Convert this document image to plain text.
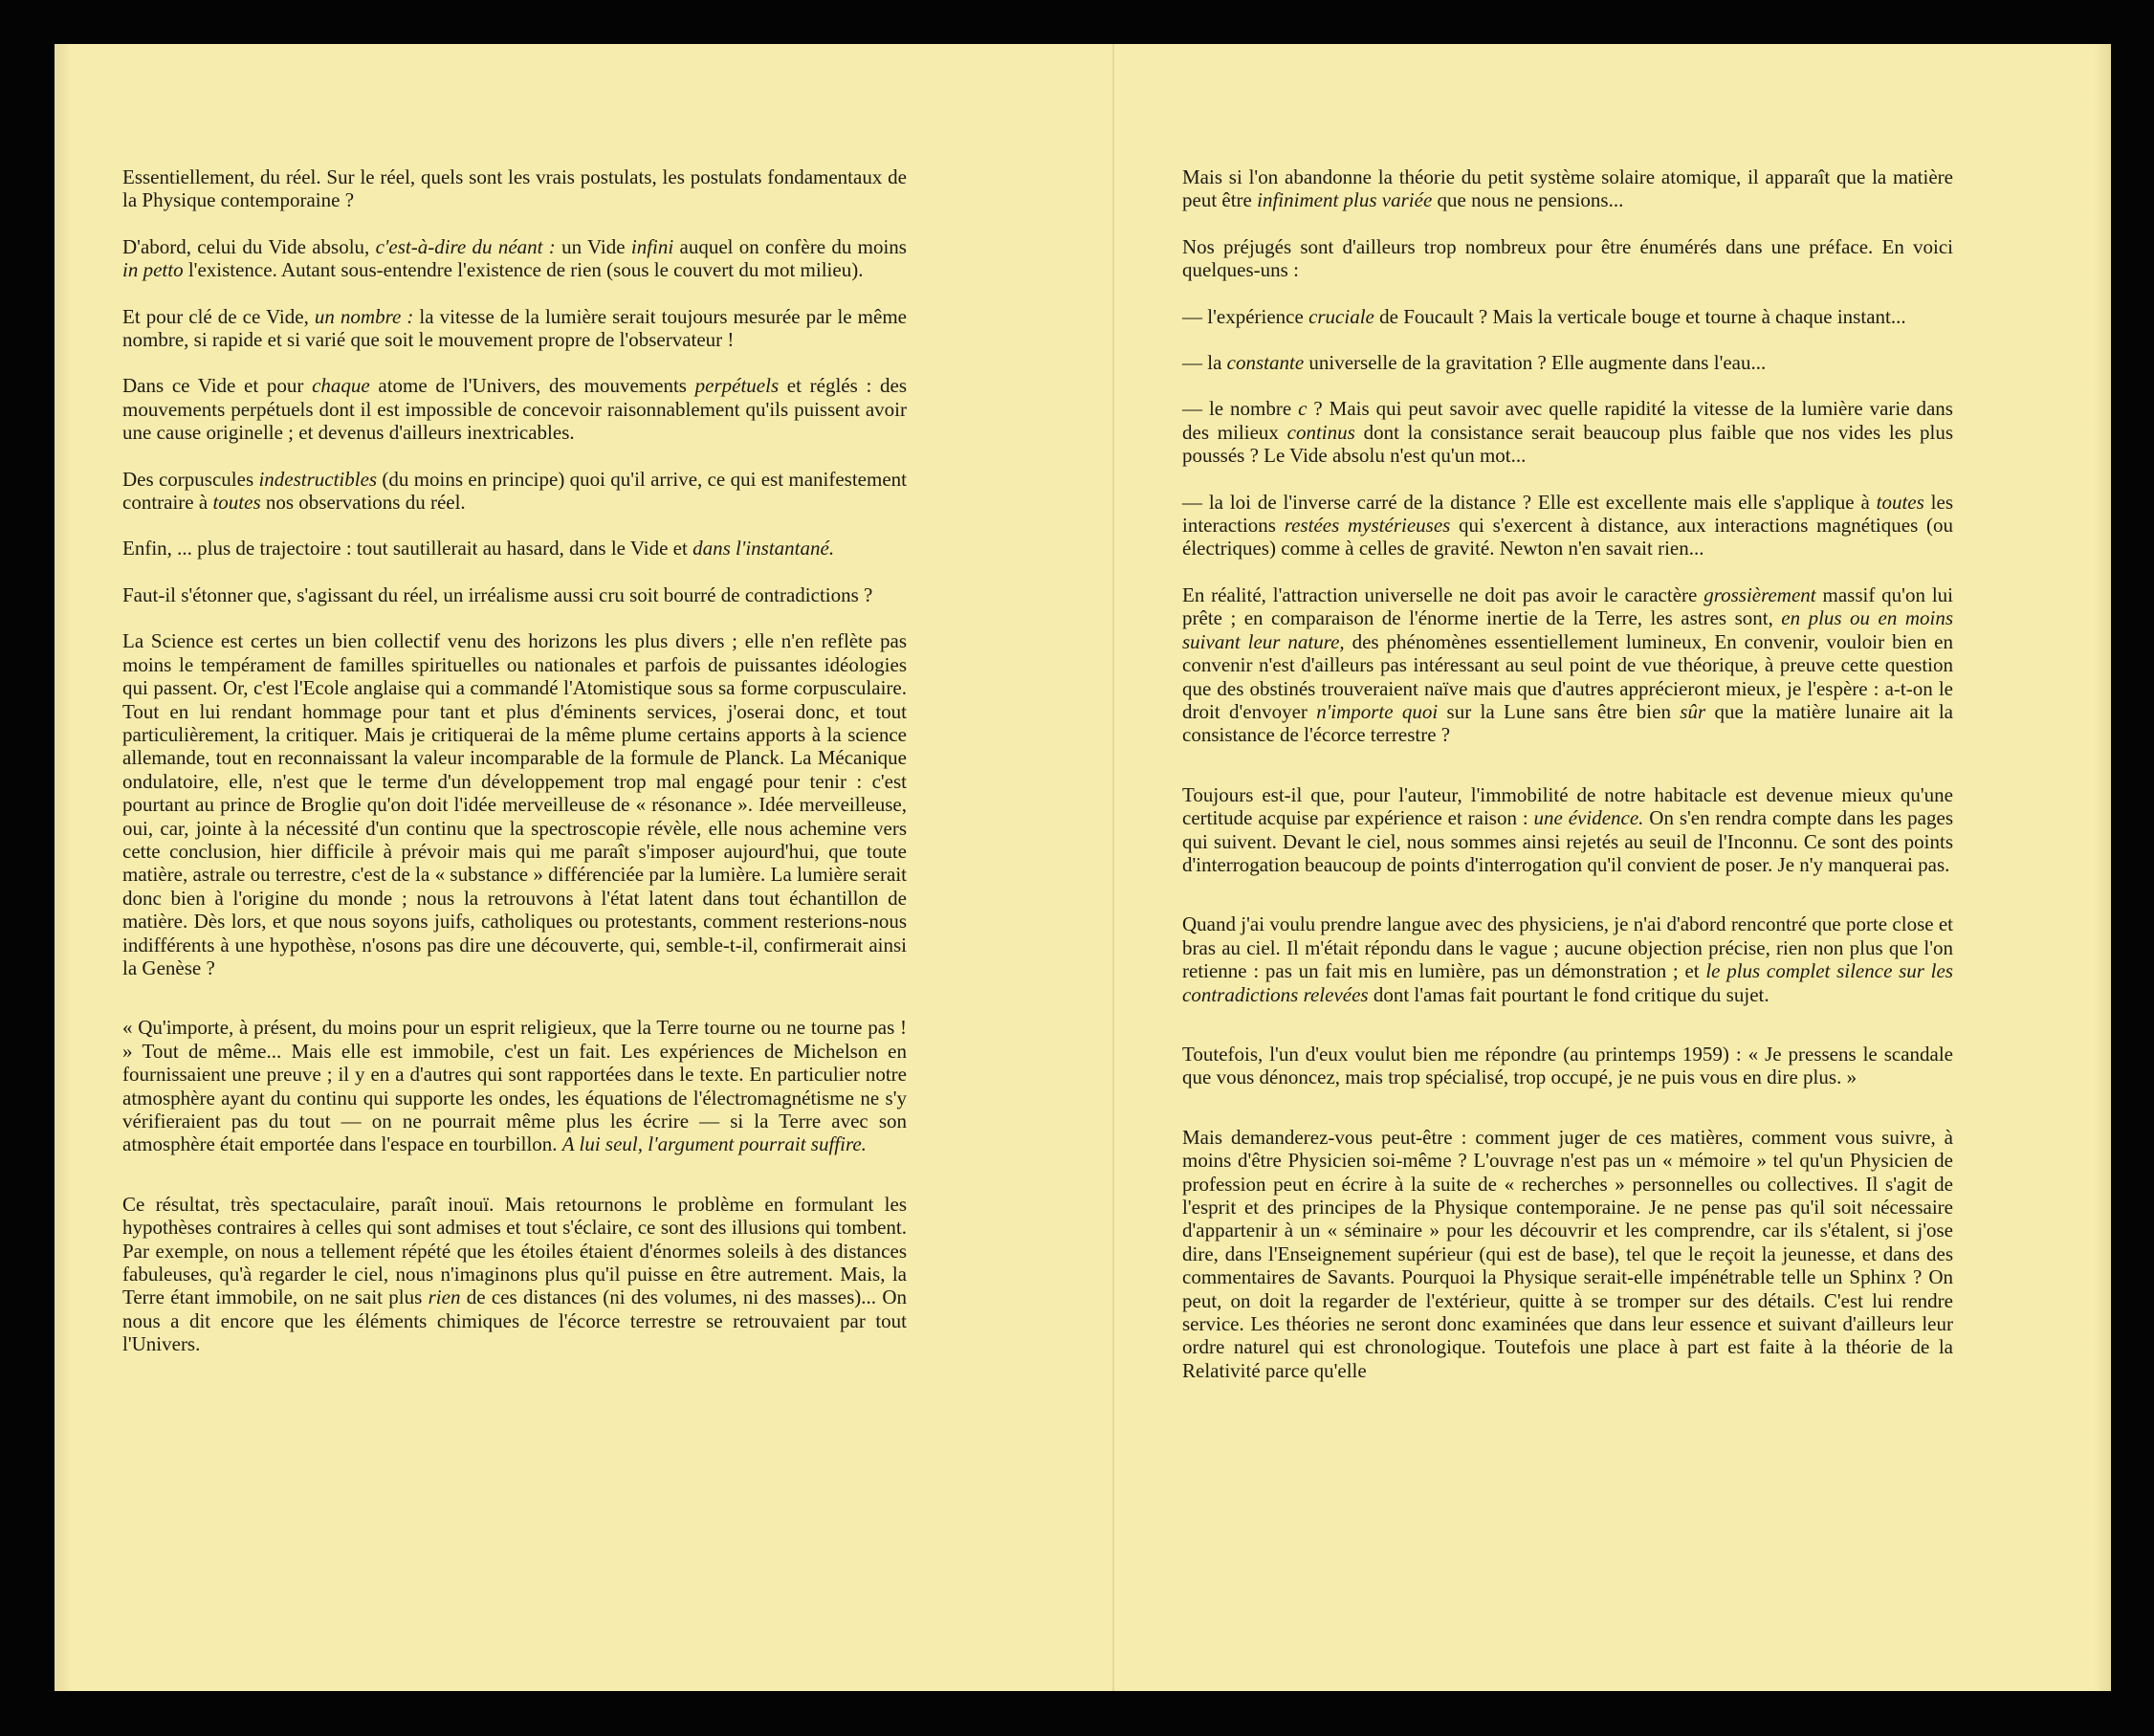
Essentiellement, du réel. Sur le réel, quels sont les vrais postulats, les postulats fondamentaux de la Physique contemporaine ?

D'abord, celui du Vide absolu, c'est-à-dire du néant : un Vide infini auquel on confère du moins in petto l'existence. Autant sous-entendre l'existence de rien (sous le couvert du mot milieu).

Et pour clé de ce Vide, un nombre : la vitesse de la lumière serait toujours mesurée par le même nombre, si rapide et si varié que soit le mouvement propre de l'observateur !

Dans ce Vide et pour chaque atome de l'Univers, des mouvements perpétuels et réglés : des mouvements perpétuels dont il est impossible de concevoir raisonnablement qu'ils puissent avoir une cause originelle ; et devenus d'ailleurs inextricables.

Des corpuscules indestructibles (du moins en principe) quoi qu'il arrive, ce qui est manifestement contraire à toutes nos observations du réel.

Enfin, ... plus de trajectoire : tout sautillerait au hasard, dans le Vide et dans l'instantané.

Faut-il s'étonner que, s'agissant du réel, un irréalisme aussi cru soit bourré de contradictions ?

La Science est certes un bien collectif venu des horizons les plus divers ; elle n'en reflète pas moins le tempérament de familles spirituelles ou nationales et parfois de puissantes idéologies qui passent. Or, c'est l'Ecole anglaise qui a commandé l'Atomistique sous sa forme corpusculaire. Tout en lui rendant hommage pour tant et plus d'éminents services, j'oserai donc, et tout particulièrement, la critiquer. Mais je critiquerai de la même plume certains apports à la science allemande, tout en reconnaissant la valeur incomparable de la formule de Planck. La Mécanique ondulatoire, elle, n'est que le terme d'un développement trop mal engagé pour tenir : c'est pourtant au prince de Broglie qu'on doit l'idée merveilleuse de « résonance ». Idée merveilleuse, oui, car, jointe à la nécessité d'un continu que la spectroscopie révèle, elle nous achemine vers cette conclusion, hier difficile à prévoir mais qui me paraît s'imposer aujourd'hui, que toute matière, astrale ou terrestre, c'est de la « substance » différenciée par la lumière. La lumière serait donc bien à l'origine du monde ; nous la retrouvons à l'état latent dans tout échantillon de matière. Dès lors, et que nous soyons juifs, catholiques ou protestants, comment resterions-nous indifférents à une hypothèse, n'osons pas dire une découverte, qui, semble-t-il, confirmerait ainsi la Genèse ?

« Qu'importe, à présent, du moins pour un esprit religieux, que la Terre tourne ou ne tourne pas ! » Tout de même... Mais elle est immobile, c'est un fait. Les expériences de Michelson en fournissaient une preuve ; il y en a d'autres qui sont rapportées dans le texte. En particulier notre atmosphère ayant du continu qui supporte les ondes, les équations de l'électromagnétisme ne s'y vérifieraient pas du tout — on ne pourrait même plus les écrire — si la Terre avec son atmosphère était emportée dans l'espace en tourbillon. A lui seul, l'argument pourrait suffire.

Ce résultat, très spectaculaire, paraît inouï. Mais retournons le problème en formulant les hypothèses contraires à celles qui sont admises et tout s'éclaire, ce sont des illusions qui tombent. Par exemple, on nous a tellement répété que les étoiles étaient d'énormes soleils à des distances fabuleuses, qu'à regarder le ciel, nous n'imaginons plus qu'il puisse en être autrement. Mais, la Terre étant immobile, on ne sait plus rien de ces distances (ni des volumes, ni des masses)... On nous a dit encore que les éléments chimiques de l'écorce terrestre se retrouvaient par tout l'Univers.

Mais si l'on abandonne la théorie du petit système solaire atomique, il apparaît que la matière peut être infiniment plus variée que nous ne pensions...

Nos préjugés sont d'ailleurs trop nombreux pour être énumérés dans une préface. En voici quelques-uns :

— l'expérience cruciale de Foucault ? Mais la verticale bouge et tourne à chaque instant...

— la constante universelle de la gravitation ? Elle augmente dans l'eau...

— le nombre c ? Mais qui peut savoir avec quelle rapidité la vitesse de la lumière varie dans des milieux continus dont la consistance serait beaucoup plus faible que nos vides les plus poussés ? Le Vide absolu n'est qu'un mot...

— la loi de l'inverse carré de la distance ? Elle est excellente mais elle s'applique à toutes les interactions restées mystérieuses qui s'exercent à distance, aux interactions magnétiques (ou électriques) comme à celles de gravité. Newton n'en savait rien...

En réalité, l'attraction universelle ne doit pas avoir le caractère grossièrement massif qu'on lui prête ; en comparaison de l'énorme inertie de la Terre, les astres sont, en plus ou en moins suivant leur nature, des phénomènes essentiellement lumineux, En convenir, vouloir bien en convenir n'est d'ailleurs pas intéressant au seul point de vue théorique, à preuve cette question que des obstinés trouveraient naïve mais que d'autres apprécieront mieux, je l'espère : a-t-on le droit d'envoyer n'importe quoi sur la Lune sans être bien sûr que la matière lunaire ait la consistance de l'écorce terrestre ?

Toujours est-il que, pour l'auteur, l'immobilité de notre habitacle est devenue mieux qu'une certitude acquise par expérience et raison : une évidence. On s'en rendra compte dans les pages qui suivent. Devant le ciel, nous sommes ainsi rejetés au seuil de l'Inconnu. Ce sont des points d'interrogation beaucoup de points d'interrogation qu'il convient de poser. Je n'y manquerai pas.

Quand j'ai voulu prendre langue avec des physiciens, je n'ai d'abord rencontré que porte close et bras au ciel. Il m'était répondu dans le vague ; aucune objection précise, rien non plus que l'on retienne : pas un fait mis en lumière, pas un démonstration ; et le plus complet silence sur les contradictions relevées dont l'amas fait pourtant le fond critique du sujet.

Toutefois, l'un d'eux voulut bien me répondre (au printemps 1959) : « Je pressens le scandale que vous dénoncez, mais trop spécialisé, trop occupé, je ne puis vous en dire plus. »

Mais demanderez-vous peut-être : comment juger de ces matières, comment vous suivre, à moins d'être Physicien soi-même ? L'ouvrage n'est pas un « mémoire » tel qu'un Physicien de profession peut en écrire à la suite de « recherches » personnelles ou collectives. Il s'agit de l'esprit et des principes de la Physique contemporaine. Je ne pense pas qu'il soit nécessaire d'appartenir à un « séminaire » pour les découvrir et les comprendre, car ils s'étalent, si j'ose dire, dans l'Enseignement supérieur (qui est de base), tel que le reçoit la jeunesse, et dans des commentaires de Savants. Pourquoi la Physique serait-elle impénétrable telle un Sphinx ? On peut, on doit la regarder de l'extérieur, quitte à se tromper sur des détails. C'est lui rendre service. Les théories ne seront donc examinées que dans leur essence et suivant d'ailleurs leur ordre naturel qui est chronologique. Toutefois une place à part est faite à la théorie de la Relativité parce qu'elle
